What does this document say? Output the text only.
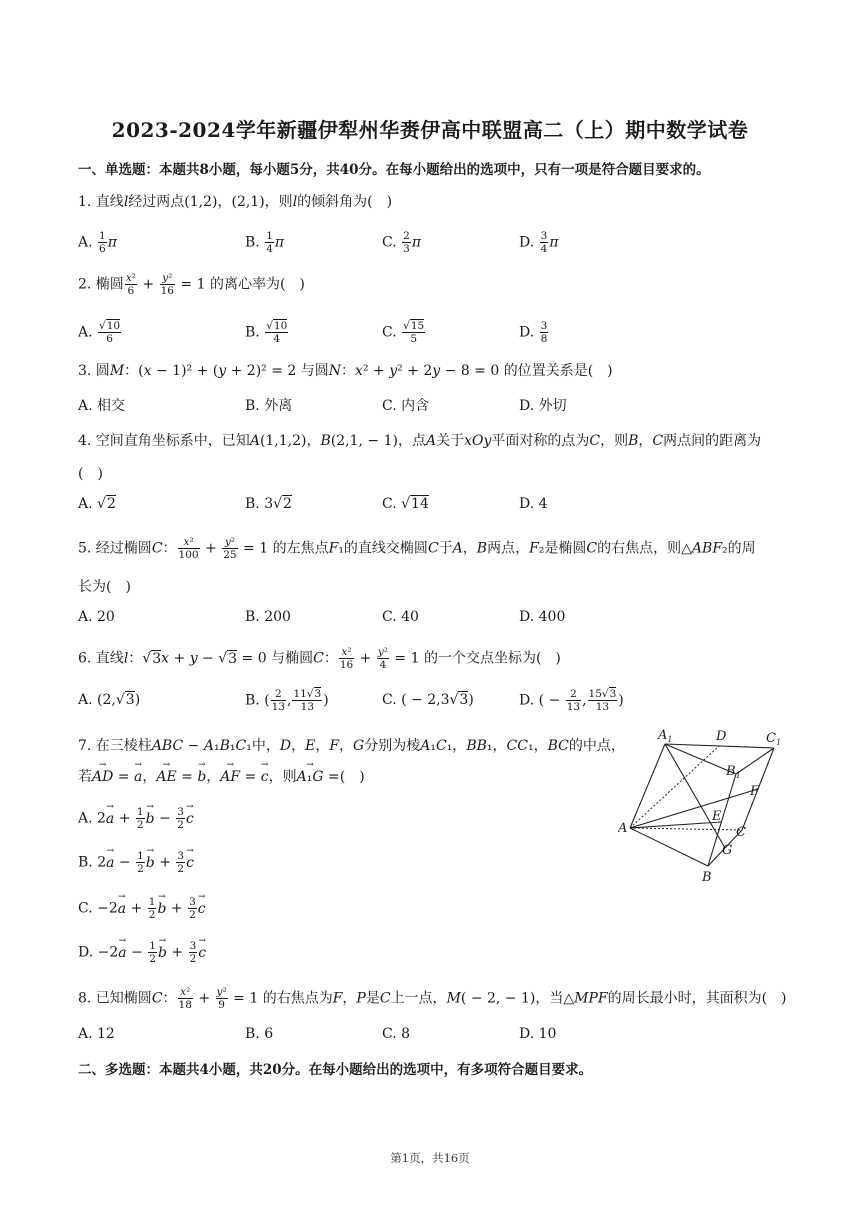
2023-2024学年新疆伊犁州华赉伊高中联盟高二（上）期中数学试卷
一、单选题：本题共8小题，每小题5分，共40分。在每小题给出的选项中，只有一项是符合题目要求的。
1. 直线l经过两点(1,2)，(2,1)，则l的倾斜角为(　)
A. $\frac{1}{6}$ π	B. $\frac{1}{4}$ π	C. $\frac{2}{3}$ π	D. $\frac{3}{4}$ π
2. 椭圆 $\frac{\text{x²}}{6} + \frac{\text{y²}}{16} = 1$ 的离心率为(　)
A. $\frac{√10}{6}$	B. $\frac{√10}{4}$	C. $\frac{√15}{5}$	D. $\frac{3}{8}$
3. 圆M：(x − 1)² + (y + 2)² = 2 与圆N：x² + y² + 2y − 8 = 0 的位置关系是(　)
A. 相交	B. 外离	C. 内含	D. 外切
4. 空间直角坐标系中，已知A(1,1,2)，B(2,1, − 1)，点A关于xOy平面对称的点为C，则B，C两点间的距离为
(　)
A. √2	B. 3√2	C. √14	D. 4
5. 经过椭圆C： $\frac{\text{x²}}{100} + \frac{\text{y²}}{25} = 1$ 的左焦点F₁的直线交椭圆C于A，B两点，F₂是椭圆C的右焦点，则△ABF₂的周
长为(　)
A. 20	B. 200	C. 40	D. 400
6. 直线l：√3x + y − √3 = 0 与椭圆C： $\frac{\text{x²}}{16} + \frac{\text{y²}}{4} = 1$ 的一个交点坐标为(　)
A. (2,√3)	B. ( $\frac{2}{13}$ , $\frac{11√3}{13}$ )	C. ( − 2,3√3)	D. ( − $\frac{2}{13}$ , $\frac{15√3}{13}$ )
7. 在三棱柱ABC − A₁B₁C₁中，D，E，F，G分别为棱A₁C₁，BB₁，CC₁，BC的中点，
若→ AD = → a，→ AE = → b，→ AF = → c，则→ A₁G =(　)
A. $2\to a + \frac{1}{2}$
→ $b - \frac{3}{2}$
→ c
B. $2\to a - \frac{1}{2}$
→ $b + \frac{3}{2}$
→ c
C. $-2\to a + \frac{1}{2}$
→ $b + \frac{3}{2}$
→ c
D. $-2\to a - \frac{1}{2}$
→ $b + \frac{3}{2}$
→ c
$A_1$	D	$C_1$
$B_1$
F
A
E
C
G
B
8. 已知椭圆C： $\frac{\text{x²}}{18} + \frac{\text{y²}}{9} = 1$ 的右焦点为F，P是C上一点，M( − 2, − 1)，当△MPF的周长最小时，其面积为(　)
A. 12	B. 6	C. 8	D. 10
二、多选题：本题共4小题，共20分。在每小题给出的选项中，有多项符合题目要求。
第1页，共16页
